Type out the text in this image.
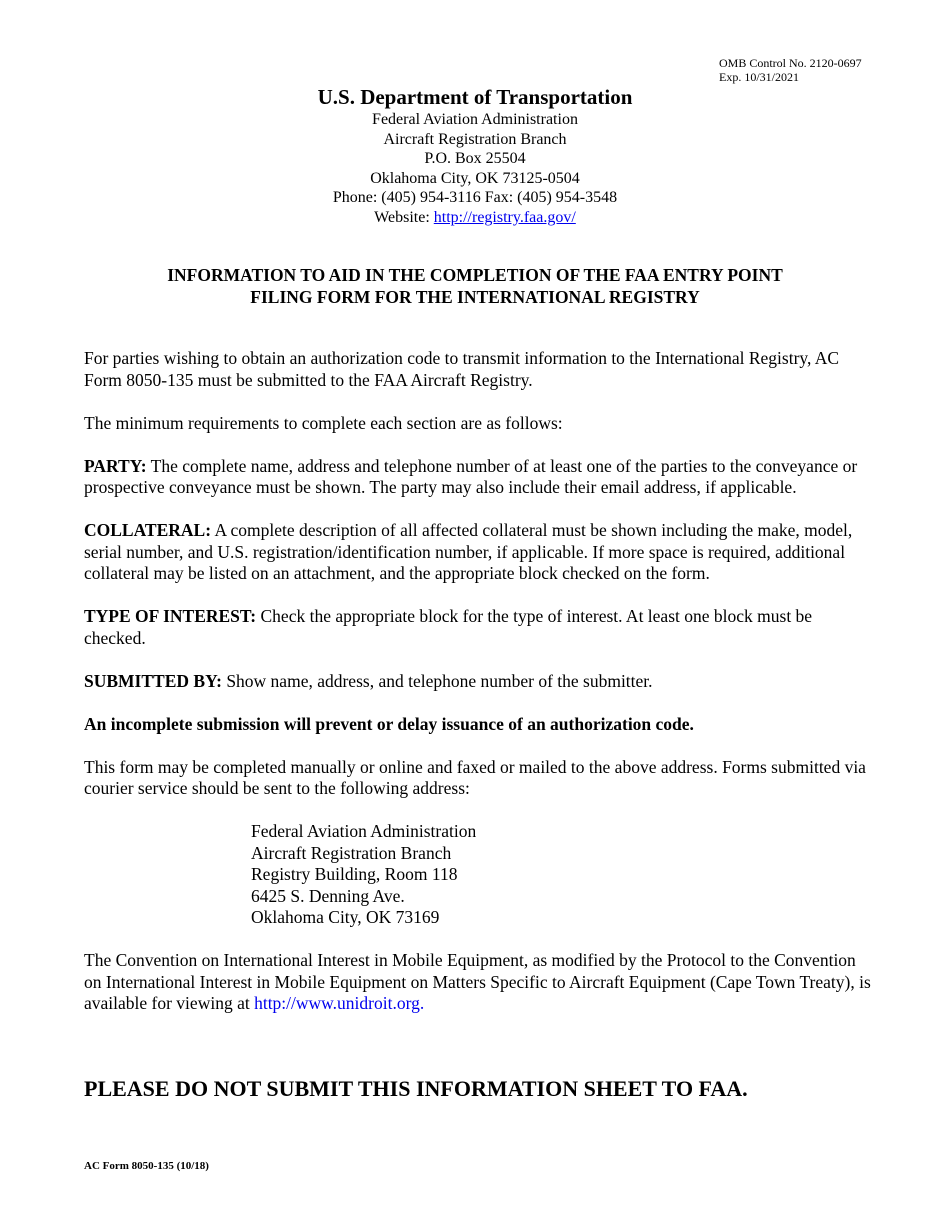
OMB Control No. 2120-0697
Exp. 10/31/2021
U.S. Department of Transportation
Federal Aviation Administration
Aircraft Registration Branch
P.O. Box 25504
Oklahoma City, OK 73125-0504
Phone: (405) 954-3116 Fax: (405) 954-3548
Website: http://registry.faa.gov/
INFORMATION TO AID IN THE COMPLETION OF THE FAA ENTRY POINT
FILING FORM FOR THE INTERNATIONAL REGISTRY

For parties wishing to obtain an authorization code to transmit information to the International Registry, AC Form 8050-135 must be submitted to the FAA Aircraft Registry.

The minimum requirements to complete each section are as follows:

PARTY: The complete name, address and telephone number of at least one of the parties to the conveyance or prospective conveyance must be shown. The party may also include their email address, if applicable.

COLLATERAL: A complete description of all affected collateral must be shown including the make, model, serial number, and U.S. registration/identification number, if applicable. If more space is required, additional collateral may be listed on an attachment, and the appropriate block checked on the form.

TYPE OF INTEREST: Check the appropriate block for the type of interest. At least one block must be checked.

SUBMITTED BY: Show name, address, and telephone number of the submitter.

An incomplete submission will prevent or delay issuance of an authorization code.

This form may be completed manually or online and faxed or mailed to the above address. Forms submitted via courier service should be sent to the following address:

Federal Aviation Administration
Aircraft Registration Branch
Registry Building, Room 118
6425 S. Denning Ave.
Oklahoma City, OK 73169

The Convention on International Interest in Mobile Equipment, as modified by the Protocol to the Convention on International Interest in Mobile Equipment on Matters Specific to Aircraft Equipment (Cape Town Treaty), is available for viewing at http://www.unidroit.org.

PLEASE DO NOT SUBMIT THIS INFORMATION SHEET TO FAA.
AC Form 8050-135 (10/18)
